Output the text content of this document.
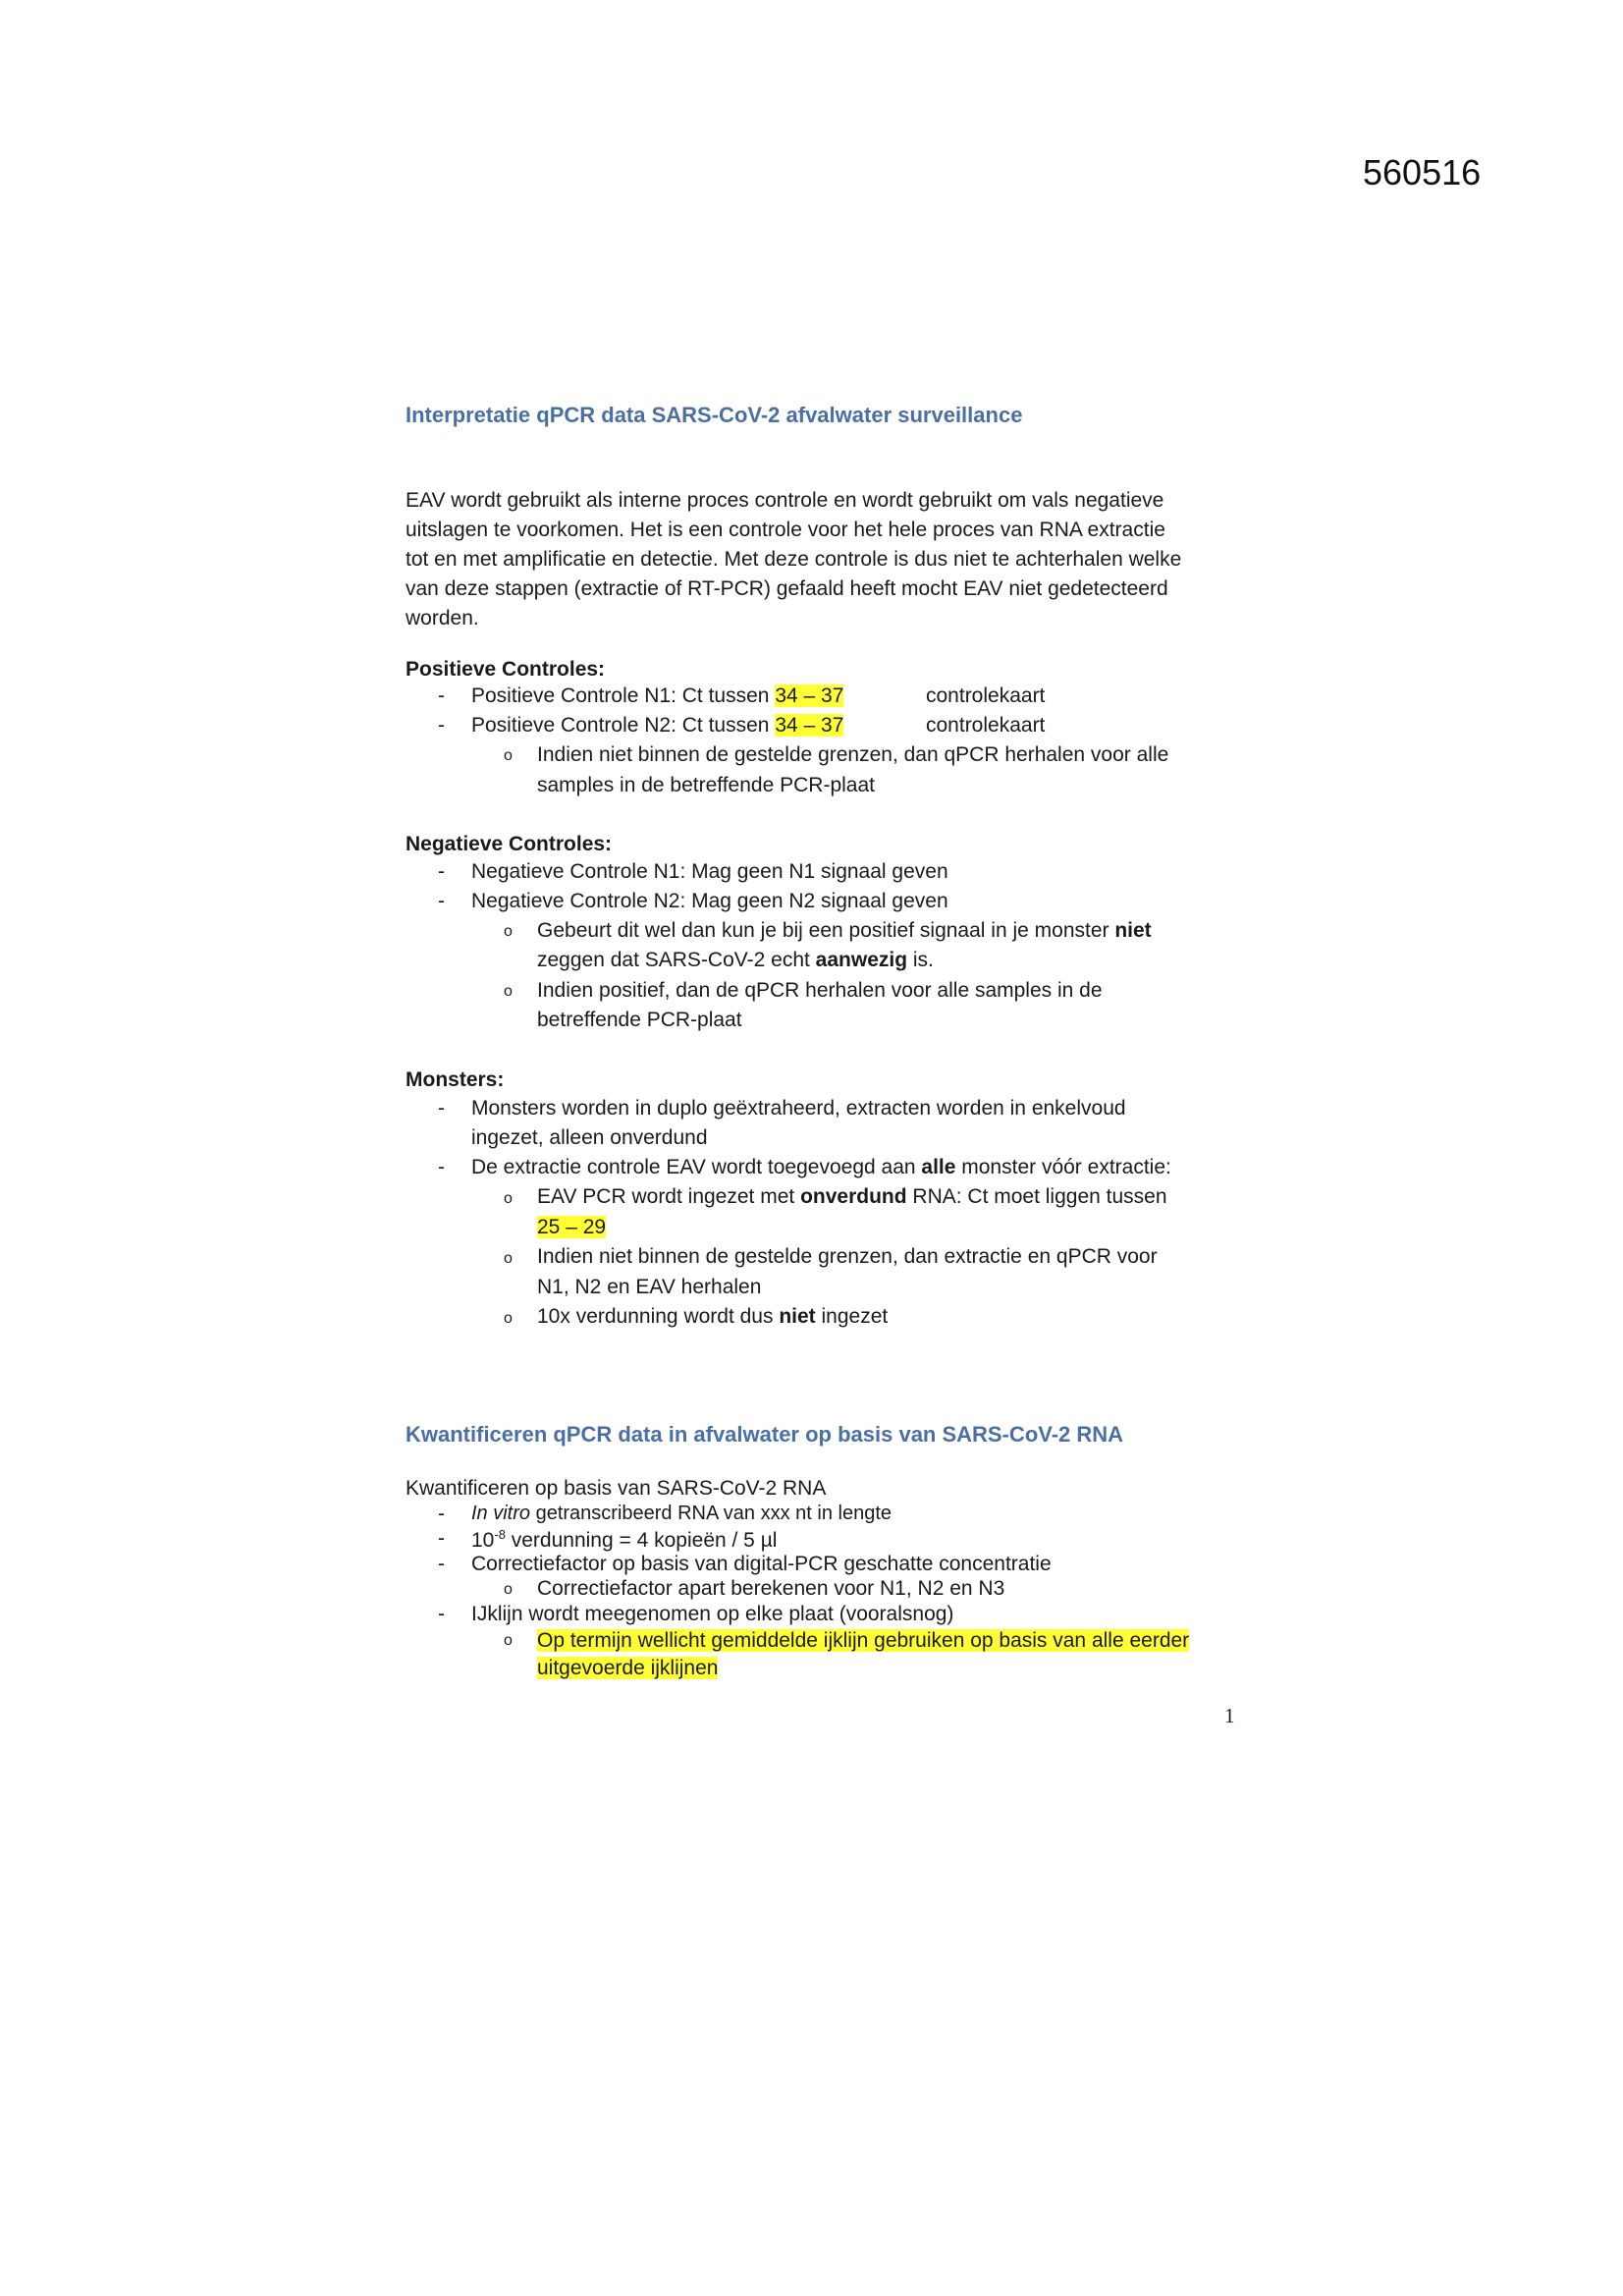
560516
Interpretatie qPCR data SARS-CoV-2 afvalwater surveillance
EAV wordt gebruikt als interne proces controle en wordt gebruikt om vals negatieve
uitslagen te voorkomen. Het is een controle voor het hele proces van RNA extractie
tot en met amplificatie en detectie. Met deze controle is dus niet te achterhalen welke
van deze stappen (extractie of RT-PCR) gefaald heeft mocht EAV niet gedetecteerd
worden.
Positieve Controles:
- Positieve Controle N1: Ct tussen 34 – 37	controlekaart
- Positieve Controle N2: Ct tussen 34 – 37	controlekaart
o Indien niet binnen de gestelde grenzen, dan qPCR herhalen voor alle
samples in de betreffende PCR-plaat
Negatieve Controles:
- Negatieve Controle N1: Mag geen N1 signaal geven
- Negatieve Controle N2: Mag geen N2 signaal geven
o Gebeurt dit wel dan kun je bij een positief signaal in je monster niet
zeggen dat SARS-CoV-2 echt aanwezig is.
o Indien positief, dan de qPCR herhalen voor alle samples in de
betreffende PCR-plaat
Monsters:
- Monsters worden in duplo geëxtraheerd, extracten worden in enkelvoud
ingezet, alleen onverdund
- De extractie controle EAV wordt toegevoegd aan alle monster vóór extractie:
o EAV PCR wordt ingezet met onverdund RNA: Ct moet liggen tussen
25 – 29
o Indien niet binnen de gestelde grenzen, dan extractie en qPCR voor
N1, N2 en EAV herhalen
o 10x verdunning wordt dus niet ingezet
Kwantificeren qPCR data in afvalwater op basis van SARS-CoV-2 RNA
Kwantificeren op basis van SARS-CoV-2 RNA
- In vitro getranscribeerd RNA van xxx nt in lengte
- $10^{-8}$ verdunning = 4 kopieën / 5 µl
- Correctiefactor op basis van digital-PCR geschatte concentratie
o Correctiefactor apart berekenen voor N1, N2 en N3
- IJklijn wordt meegenomen op elke plaat (vooralsnog)
o Op termijn wellicht gemiddelde ijklijn gebruiken op basis van alle eerder
uitgevoerde ijklijnen
1
